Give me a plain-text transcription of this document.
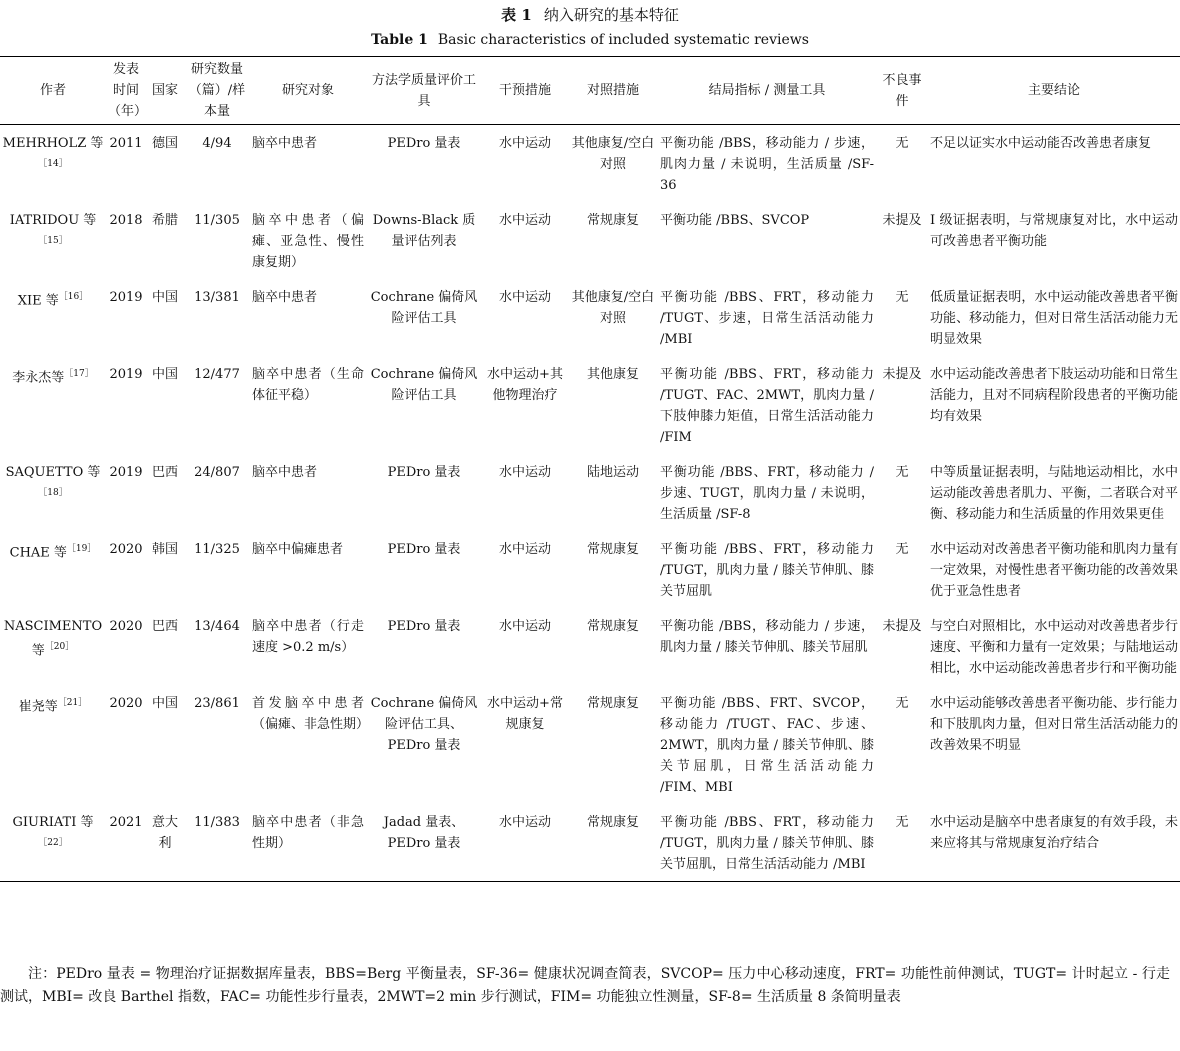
表 1 纳入研究的基本特征
Table 1 Basic characteristics of included systematic reviews
作者	发表时间（年）	国家	研究数量（篇）/样本量	研究对象	方法学质量评价工具	干预措施	对照措施	结局指标 / 测量工具	不良事件	主要结论
MEHRHOLZ 等$^{[14]}$	2011	德国	4/94	脑卒中患者	PEDro 量表	水中运动	其他康复/空白对照	平衡功能 /BBS，移动能力 / 步速，肌肉力量 / 未说明，生活质量 /SF-36	无	不足以证实水中运动能否改善患者康复
IATRIDOU 等$^{[15]}$	2018	希腊	11/305	脑卒中患者（偏瘫、亚急性、慢性康复期）	Downs-Black 质量评估列表	水中运动	常规康复	平衡功能 /BBS、SVCOP	未提及	I 级证据表明，与常规康复对比，水中运动可改善患者平衡功能
XIE 等$^{[16]}$	2019	中国	13/381	脑卒中患者	Cochrane 偏倚风险评估工具	水中运动	其他康复/空白对照	平衡功能 /BBS、FRT，移动能力 /TUGT、步速，日常生活活动能力 /MBI	无	低质量证据表明，水中运动能改善患者平衡功能、移动能力，但对日常生活活动能力无明显效果
李永杰等$^{[17]}$	2019	中国	12/477	脑卒中患者（生命体征平稳）	Cochrane 偏倚风险评估工具	水中运动+其他物理治疗	其他康复	平衡功能 /BBS、FRT，移动能力 /TUGT、FAC、2MWT，肌肉力量 / 下肢伸膝力矩值，日常生活活动能力 /FIM	未提及	水中运动能改善患者下肢运动功能和日常生活能力，且对不同病程阶段患者的平衡功能均有效果
SAQUETTO 等$^{[18]}$	2019	巴西	24/807	脑卒中患者	PEDro 量表	水中运动	陆地运动	平衡功能 /BBS、FRT，移动能力 / 步速、TUGT，肌肉力量 / 未说明，生活质量 /SF-8	无	中等质量证据表明，与陆地运动相比，水中运动能改善患者肌力、平衡，二者联合对平衡、移动能力和生活质量的作用效果更佳
CHAE 等$^{[19]}$	2020	韩国	11/325	脑卒中偏瘫患者	PEDro 量表	水中运动	常规康复	平衡功能 /BBS、FRT，移动能力 /TUGT，肌肉力量 / 膝关节伸肌、膝关节屈肌	无	水中运动对改善患者平衡功能和肌肉力量有一定效果，对慢性患者平衡功能的改善效果优于亚急性患者
NASCIMENTO 等$^{[20]}$	2020	巴西	13/464	脑卒中患者（行走速度 >0.2 m/s）	PEDro 量表	水中运动	常规康复	平衡功能 /BBS，移动能力 / 步速，肌肉力量 / 膝关节伸肌、膝关节屈肌	未提及	与空白对照相比，水中运动对改善患者步行速度、平衡和力量有一定效果；与陆地运动相比，水中运动能改善患者步行和平衡功能
崔尧等$^{[21]}$	2020	中国	23/861	首发脑卒中患者（偏瘫、非急性期）	Cochrane 偏倚风险评估工具、PEDro 量表	水中运动+常规康复	常规康复	平衡功能 /BBS、FRT、SVCOP，移动能力 /TUGT、FAC、步速、2MWT，肌肉力量 / 膝关节伸肌、膝关节屈肌，日常生活活动能力 /FIM、MBI	无	水中运动能够改善患者平衡功能、步行能力和下肢肌肉力量，但对日常生活活动能力的改善效果不明显
GIURIATI 等$^{[22]}$	2021	意大利	11/383	脑卒中患者（非急性期）	Jadad 量表、PEDro 量表	水中运动	常规康复	平衡功能 /BBS、FRT，移动能力 /TUGT，肌肉力量 / 膝关节伸肌、膝关节屈肌，日常生活活动能力 /MBI	无	水中运动是脑卒中患者康复的有效手段，未来应将其与常规康复治疗结合
注：PEDro 量表 = 物理治疗证据数据库量表，BBS=Berg 平衡量表，SF-36= 健康状况调查简表，SVCOP= 压力中心移动速度，FRT= 功能性前伸测试，TUGT= 计时起立 - 行走测试，MBI= 改良 Barthel 指数，FAC= 功能性步行量表，2MWT=2 min 步行测试，FIM= 功能独立性测量，SF-8= 生活质量 8 条简明量表
